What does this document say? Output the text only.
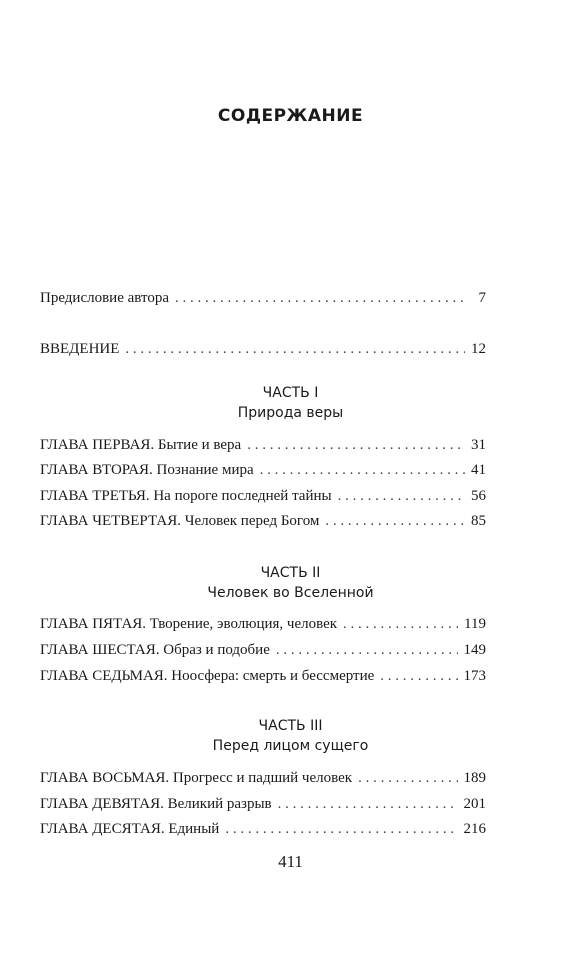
СОДЕРЖАНИЕ
Предисловие автора . . .	7
ВВЕДЕНИЕ . . .	12
ЧАСТЬ I
Природа веры
ГЛАВА ПЕРВАЯ. Бытие и вера . . .	31
ГЛАВА ВТОРАЯ. Познание мира . . .	41
ГЛАВА ТРЕТЬЯ. На пороге последней тайны . . .	56
ГЛАВА ЧЕТВЕРТАЯ. Человек перед Богом . . .	85
ЧАСТЬ II
Человек во Вселенной
ГЛАВА ПЯТАЯ. Творение, эволюция, человек . . .	119
ГЛАВА ШЕСТАЯ. Образ и подобие . . .	149
ГЛАВА СЕДЬМАЯ. Ноосфера: смерть и бессмертие . . .	173
ЧАСТЬ III
Перед лицом сущего
ГЛАВА ВОСЬМАЯ. Прогресс и падший человек . . .	189
ГЛАВА ДЕВЯТАЯ. Великий разрыв . . .	201
ГЛАВА ДЕСЯТАЯ. Единый . . .	216
411
